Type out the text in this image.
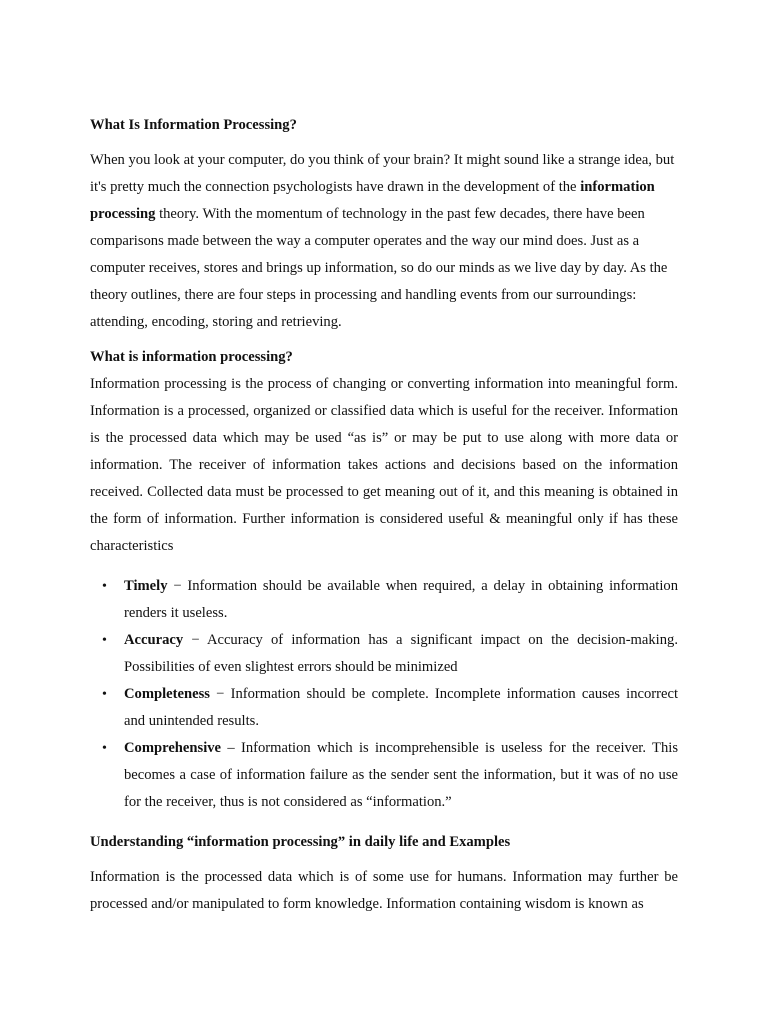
What Is Information Processing?

When you look at your computer, do you think of your brain? It might sound like a strange idea, but it's pretty much the connection psychologists have drawn in the development of the information processing theory. With the momentum of technology in the past few decades, there have been comparisons made between the way a computer operates and the way our mind does. Just as a computer receives, stores and brings up information, so do our minds as we live day by day. As the theory outlines, there are four steps in processing and handling events from our surroundings: attending, encoding, storing and retrieving.

What is information processing?

Information processing is the process of changing or converting information into meaningful form. Information is a processed, organized or classified data which is useful for the receiver. Information is the processed data which may be used “as is” or may be put to use along with more data or information. The receiver of information takes actions and decisions based on the information received. Collected data must be processed to get meaning out of it, and this meaning is obtained in the form of information. Further information is considered useful & meaningful only if has these characteristics

• Timely − Information should be available when required, a delay in obtaining information renders it useless.
• Accuracy − Accuracy of information has a significant impact on the decision-making. Possibilities of even slightest errors should be minimized
• Completeness − Information should be complete. Incomplete information causes incorrect and unintended results.
• Comprehensive – Information which is incomprehensible is useless for the receiver. This becomes a case of information failure as the sender sent the information, but it was of no use for the receiver, thus is not considered as “information.”

Understanding “information processing” in daily life and Examples

Information is the processed data which is of some use for humans. Information may further be processed and/or manipulated to form knowledge. Information containing wisdom is known as
